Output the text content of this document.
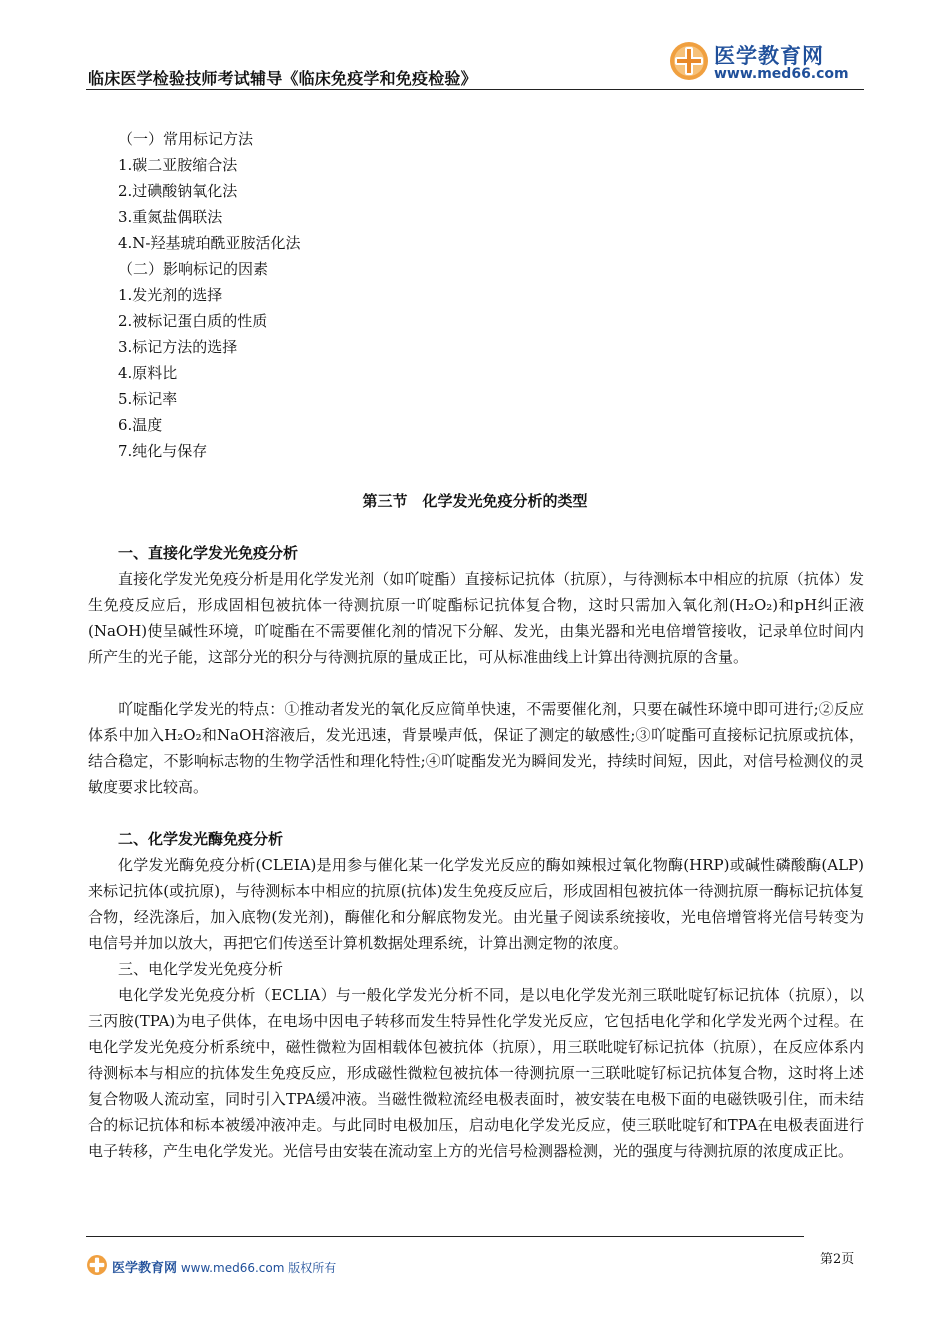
临床医学检验技师考试辅导《临床免疫学和免疫检验》
医学教育网
www.med66.com
（一）常用标记方法
1.碳二亚胺缩合法
2.过碘酸钠氧化法
3.重氮盐偶联法
4.N-羟基琥珀酰亚胺活化法
（二）影响标记的因素
1.发光剂的选择
2.被标记蛋白质的性质
3.标记方法的选择
4.原料比
5.标记率
6.温度
7.纯化与保存
第三节　化学发光免疫分析的类型
一、直接化学发光免疫分析
直接化学发光免疫分析是用化学发光剂（如吖啶酯）直接标记抗体（抗原），与待测标本中相应的抗原（抗体）发生免疫反应后，形成固相包被抗体一待测抗原一吖啶酯标记抗体复合物，这时只需加入氧化剂(H₂O₂)和pH纠正液(NaOH)使呈碱性环境，吖啶酯在不需要催化剂的情况下分解、发光，由集光器和光电倍增管接收，记录单位时间内所产生的光子能，这部分光的积分与待测抗原的量成正比，可从标准曲线上计算出待测抗原的含量。
吖啶酯化学发光的特点：①推动者发光的氧化反应简单快速，不需要催化剂，只要在碱性环境中即可进行;②反应体系中加入H₂O₂和NaOH溶液后，发光迅速，背景噪声低，保证了测定的敏感性;③吖啶酯可直接标记抗原或抗体，结合稳定，不影响标志物的生物学活性和理化特性;④吖啶酯发光为瞬间发光，持续时间短，因此，对信号检测仪的灵敏度要求比较高。
二、化学发光酶免疫分析
化学发光酶免疫分析(CLEIA)是用参与催化某一化学发光反应的酶如辣根过氧化物酶(HRP)或碱性磷酸酶(ALP)来标记抗体(或抗原)，与待测标本中相应的抗原(抗体)发生免疫反应后，形成固相包被抗体一待测抗原一酶标记抗体复合物，经洗涤后，加入底物(发光剂)，酶催化和分解底物发光。由光量子阅读系统接收，光电倍增管将光信号转变为电信号并加以放大，再把它们传送至计算机数据处理系统，计算出测定物的浓度。
三、电化学发光免疫分析
电化学发光免疫分析（ECLIA）与一般化学发光分析不同，是以电化学发光剂三联吡啶钌标记抗体（抗原），以三丙胺(TPA)为电子供体，在电场中因电子转移而发生特异性化学发光反应，它包括电化学和化学发光两个过程。在电化学发光免疫分析系统中，磁性微粒为固相载体包被抗体（抗原），用三联吡啶钌标记抗体（抗原），在反应体系内待测标本与相应的抗体发生免疫反应，形成磁性微粒包被抗体一待测抗原一三联吡啶钌标记抗体复合物，这时将上述复合物吸人流动室，同时引入TPA缓冲液。当磁性微粒流经电极表面时，被安装在电极下面的电磁铁吸引住，而未结合的标记抗体和标本被缓冲液冲走。与此同时电极加压，启动电化学发光反应，使三联吡啶钌和TPA在电极表面进行电子转移，产生电化学发光。光信号由安装在流动室上方的光信号检测器检测，光的强度与待测抗原的浓度成正比。
医学教育网 www.med66.com 版权所有
第2页
